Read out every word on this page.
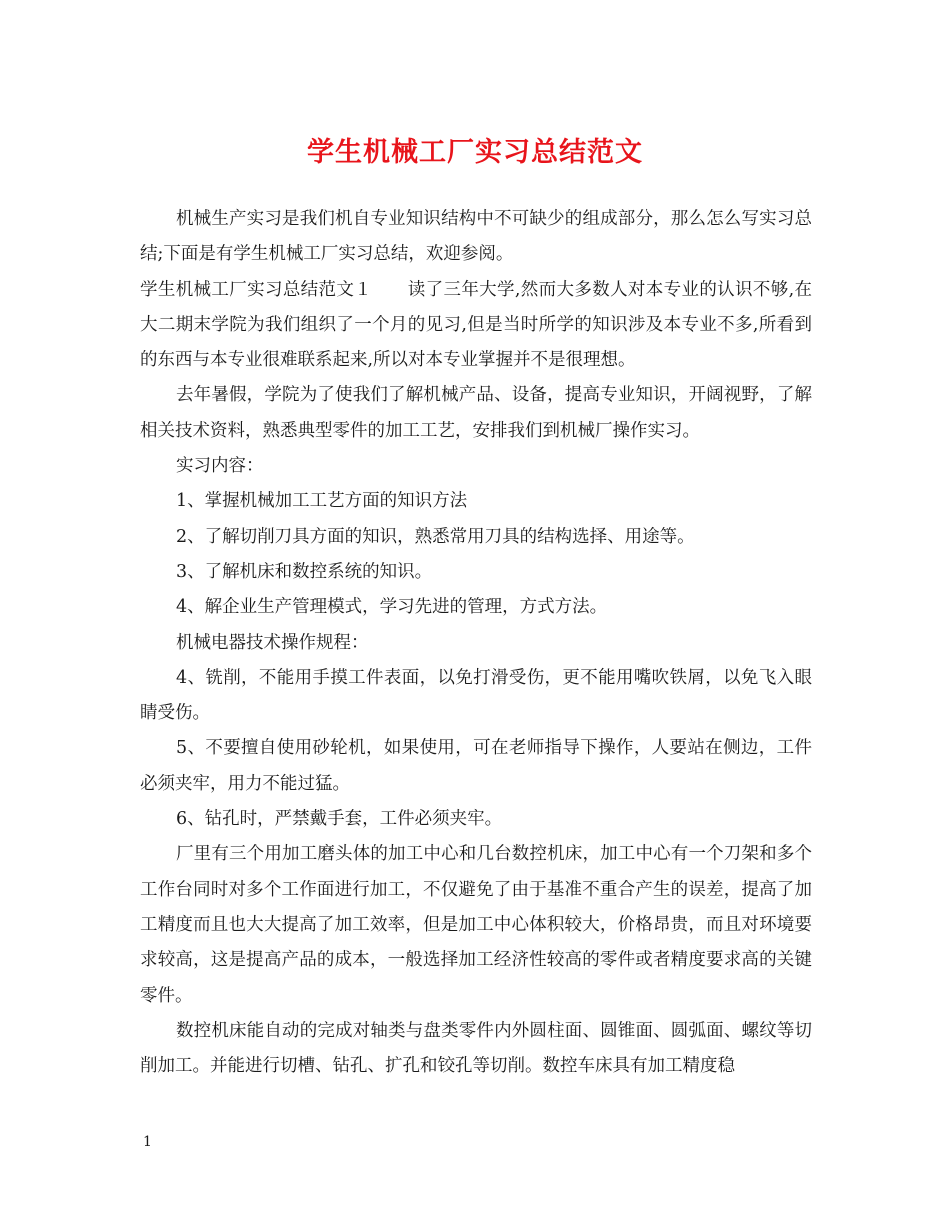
学生机械工厂实习总结范文

机械生产实习是我们机自专业知识结构中不可缺少的组成部分，那么怎么写实习总结;下面是有学生机械工厂实习总结，欢迎参阅。

学生机械工厂实习总结范文１　　读了三年大学,然而大多数人对本专业的认识不够,在大二期末学院为我们组织了一个月的见习,但是当时所学的知识涉及本专业不多,所看到的东西与本专业很难联系起来,所以对本专业掌握并不是很理想。

去年暑假，学院为了使我们了解机械产品、设备，提高专业知识，开阔视野，了解相关技术资料，熟悉典型零件的加工工艺，安排我们到机械厂操作实习。

实习内容：

1、掌握机械加工工艺方面的知识方法

2、了解切削刀具方面的知识，熟悉常用刀具的结构选择、用途等。

3、了解机床和数控系统的知识。

4、解企业生产管理模式，学习先进的管理，方式方法。

机械电器技术操作规程：

4、铣削，不能用手摸工件表面，以免打滑受伤，更不能用嘴吹铁屑，以免飞入眼睛受伤。

5、不要擅自使用砂轮机，如果使用，可在老师指导下操作，人要站在侧边，工件必须夹牢，用力不能过猛。

6、钻孔时，严禁戴手套，工件必须夹牢。

厂里有三个用加工磨头体的加工中心和几台数控机床，加工中心有一个刀架和多个工作台同时对多个工作面进行加工，不仅避免了由于基准不重合产生的误差，提高了加工精度而且也大大提高了加工效率，但是加工中心体积较大，价格昂贵，而且对环境要求较高，这是提高产品的成本，一般选择加工经济性较高的零件或者精度要求高的关键零件。

数控机床能自动的完成对轴类与盘类零件内外圆柱面、圆锥面、圆弧面、螺纹等切削加工。并能进行切槽、钻孔、扩孔和铰孔等切削。数控车床具有加工精度稳

1
